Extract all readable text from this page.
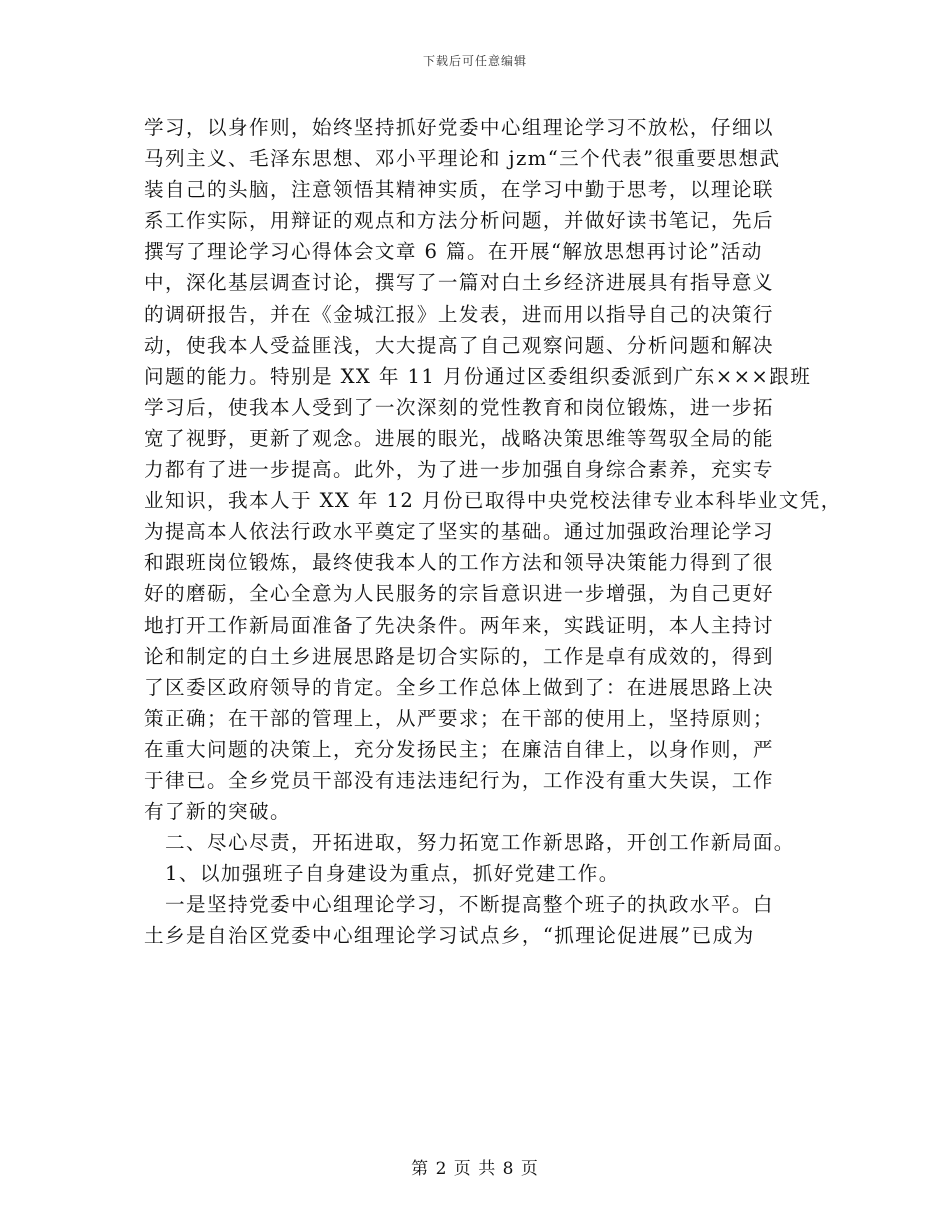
下载后可任意编辑
学习，以身作则，始终坚持抓好党委中心组理论学习不放松，仔细以
马列主义、毛泽东思想、邓小平理论和 jzm“三个代表”很重要思想武
装自己的头脑，注意领悟其精神实质，在学习中勤于思考，以理论联
系工作实际，用辩证的观点和方法分析问题，并做好读书笔记，先后
撰写了理论学习心得体会文章 6 篇。在开展“解放思想再讨论”活动
中，深化基层调查讨论，撰写了一篇对白土乡经济进展具有指导意义
的调研报告，并在《金城江报》上发表，进而用以指导自己的决策行
动，使我本人受益匪浅，大大提高了自己观察问题、分析问题和解决
问题的能力。特别是 XX 年 11 月份通过区委组织委派到广东×××跟班
学习后，使我本人受到了一次深刻的党性教育和岗位锻炼，进一步拓
宽了视野，更新了观念。进展的眼光，战略决策思维等驾驭全局的能
力都有了进一步提高。此外，为了进一步加强自身综合素养，充实专
业知识，我本人于 XX 年 12 月份已取得中央党校法律专业本科毕业文凭，
为提高本人依法行政水平奠定了坚实的基础。通过加强政治理论学习
和跟班岗位锻炼，最终使我本人的工作方法和领导决策能力得到了很
好的磨砺，全心全意为人民服务的宗旨意识进一步增强，为自己更好
地打开工作新局面准备了先决条件。两年来，实践证明，本人主持讨
论和制定的白土乡进展思路是切合实际的，工作是卓有成效的，得到
了区委区政府领导的肯定。全乡工作总体上做到了：在进展思路上决
策正确；在干部的管理上，从严要求；在干部的使用上，坚持原则；
在重大问题的决策上，充分发扬民主；在廉洁自律上，以身作则，严
于律已。全乡党员干部没有违法违纪行为，工作没有重大失误，工作
有了新的突破。
　二、尽心尽责，开拓进取，努力拓宽工作新思路，开创工作新局面。
　1、以加强班子自身建设为重点，抓好党建工作。
　一是坚持党委中心组理论学习，不断提高整个班子的执政水平。白
土乡是自治区党委中心组理论学习试点乡，“抓理论促进展”已成为
第 2 页 共 8 页
